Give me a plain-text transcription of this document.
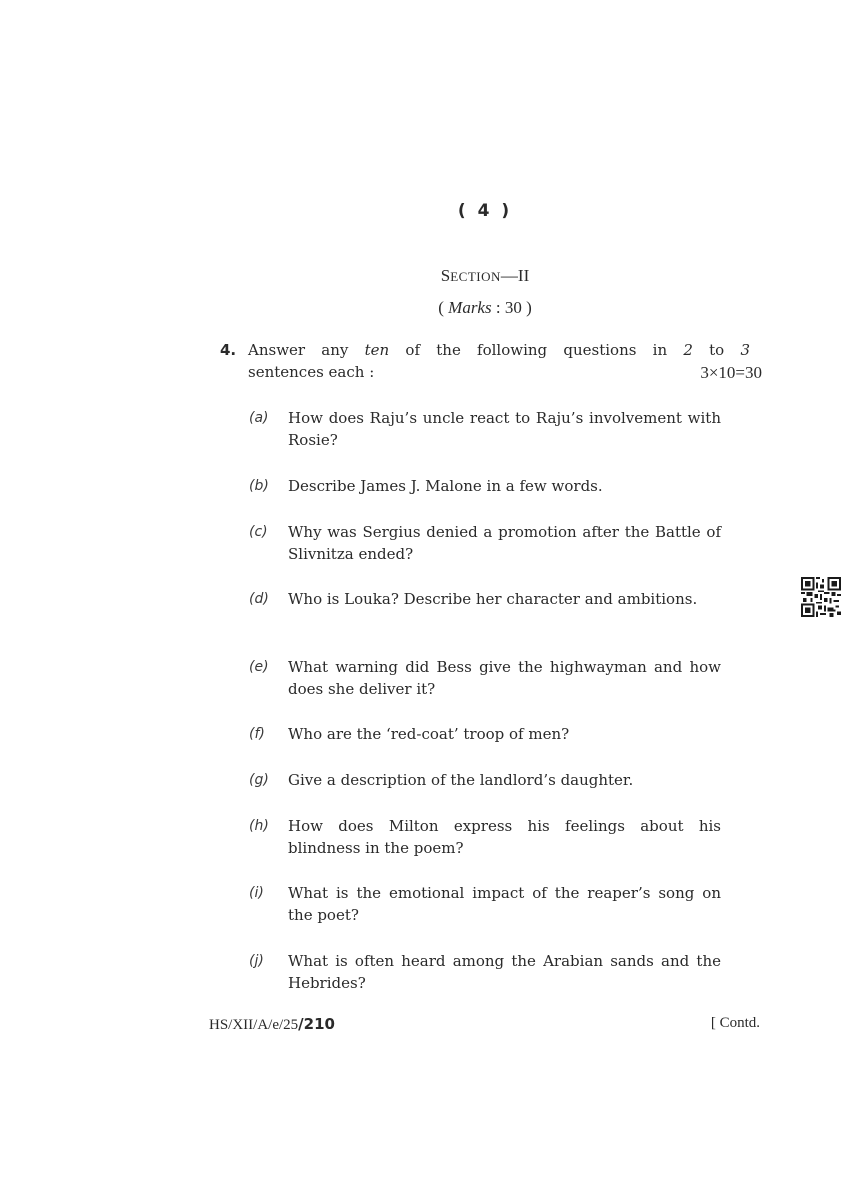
( 4 )
SECTION—II
( Marks : 30 )
4. Answer any ten of the following questions in 2 to 3
sentences each :	3×10=30
(a) How does Raju’s uncle react to Raju’s involvement with Rosie?
(b) Describe James J. Malone in a few words.
(c) Why was Sergius denied a promotion after the Battle of Slivnitza ended?
(d) Who is Louka? Describe her character and ambitions.
(e) What warning did Bess give the highwayman and how does she deliver it?
(f) Who are the ‘red-coat’ troop of men?
(g) Give a description of the landlord’s daughter.
(h) How does Milton express his feelings about his blindness in the poem?
(i) What is the emotional impact of the reaper’s song on the poet?
(j) What is often heard among the Arabian sands and the Hebrides?
HS/XII/A/e/25/210	[ Contd.
